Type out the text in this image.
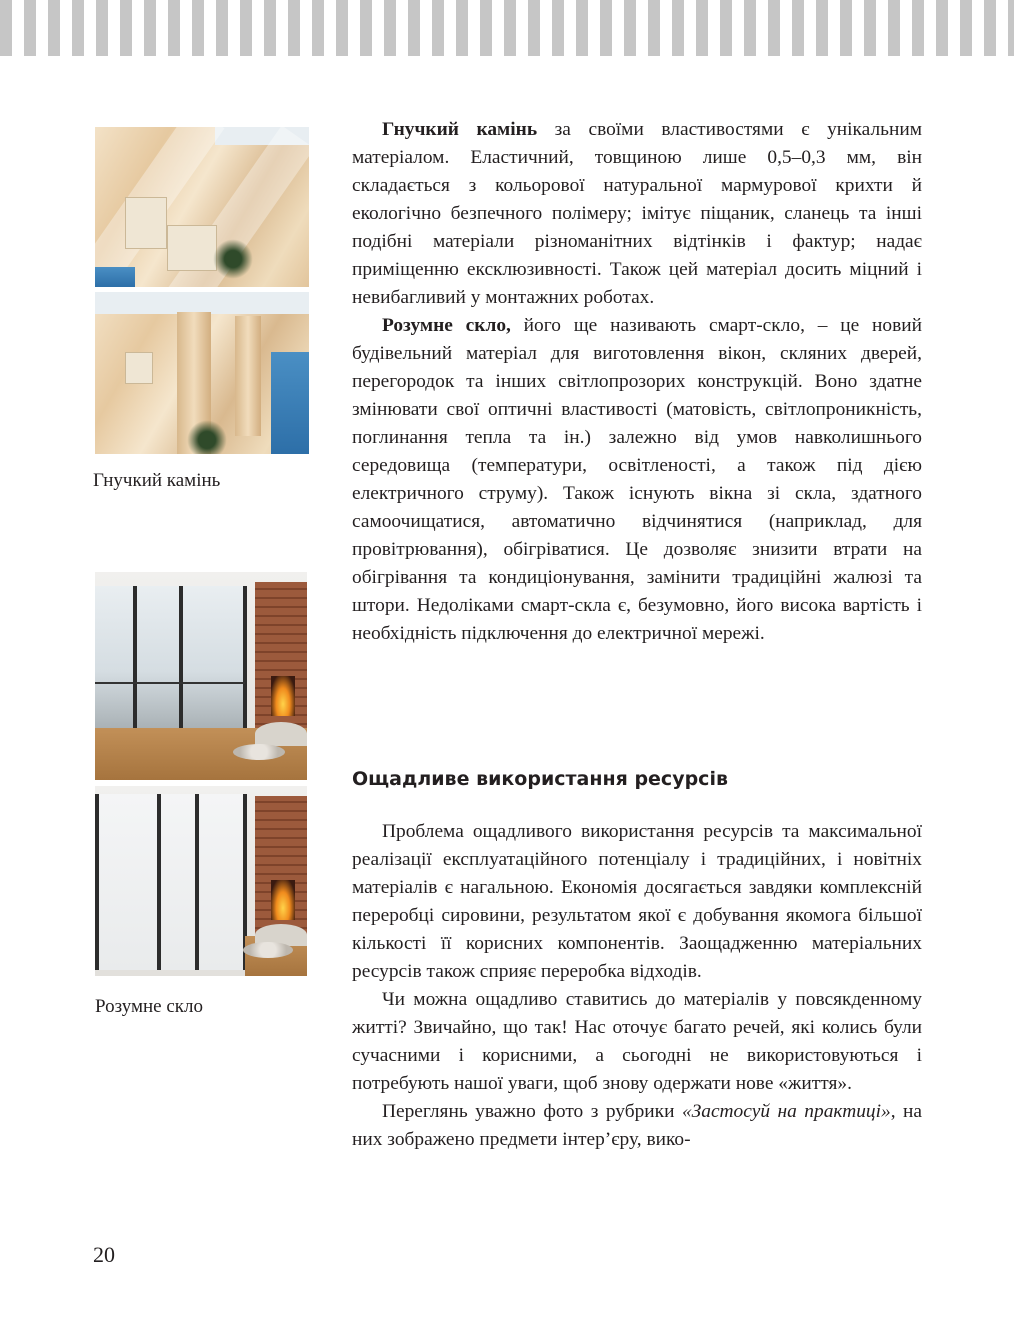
Гнучкий камінь
Розумне скло

Гнучкий камінь за своїми властивостями є унікальним матеріалом. Еластичний, товщиною лише 0,5–0,3 мм, він складається з кольорової натуральної мармурової крихти й екологічно безпечного полімеру; імітує піщаник, сланець та інші подібні матеріали різноманітних відтінків і фактур; надає приміщенню ексклюзивності. Також цей матеріал досить міцний і невибагливий у монтажних роботах.

Розумне скло, його ще називають смарт-скло, – це новий будівельний матеріал для виготовлення вікон, скляних дверей, перегородок та інших світлопрозорих конструкцій. Воно здатне змінювати свої оптичні властивості (матовість, світлопроникність, поглинання тепла та ін.) залежно від умов навколишнього середовища (температури, освітленості, а також під дією електричного струму). Також існують вікна зі скла, здатного самоочищатися, автоматично відчинятися (наприклад, для провітрювання), обігріватися. Це дозволяє знизити втрати на обігрівання та кондиціонування, замінити традиційні жалюзі та штори. Недоліками смарт-скла є, безумовно, його висока вартість і необхідність підключення до електричної мережі.

Ощадливе використання ресурсів

Проблема ощадливого використання ресурсів та максимальної реалізації експлуатаційного потенціалу і традиційних, і новітніх матеріалів є нагальною. Економія досягається завдяки комплексній переробці сировини, результатом якої є добування якомога більшої кількості її корисних компонентів. Заощадженню матеріальних ресурсів також сприяє переробка відходів.

Чи можна ощадливо ставитись до матеріалів у повсякденному житті? Звичайно, що так! Нас оточує багато речей, які колись були сучасними і корисними, а сьогодні не використовуються і потребують нашої уваги, щоб знову одержати нове «життя».

Переглянь уважно фото з рубрики «Застосуй на практиці», на них зображено предмети інтер’єру, вико-

20
